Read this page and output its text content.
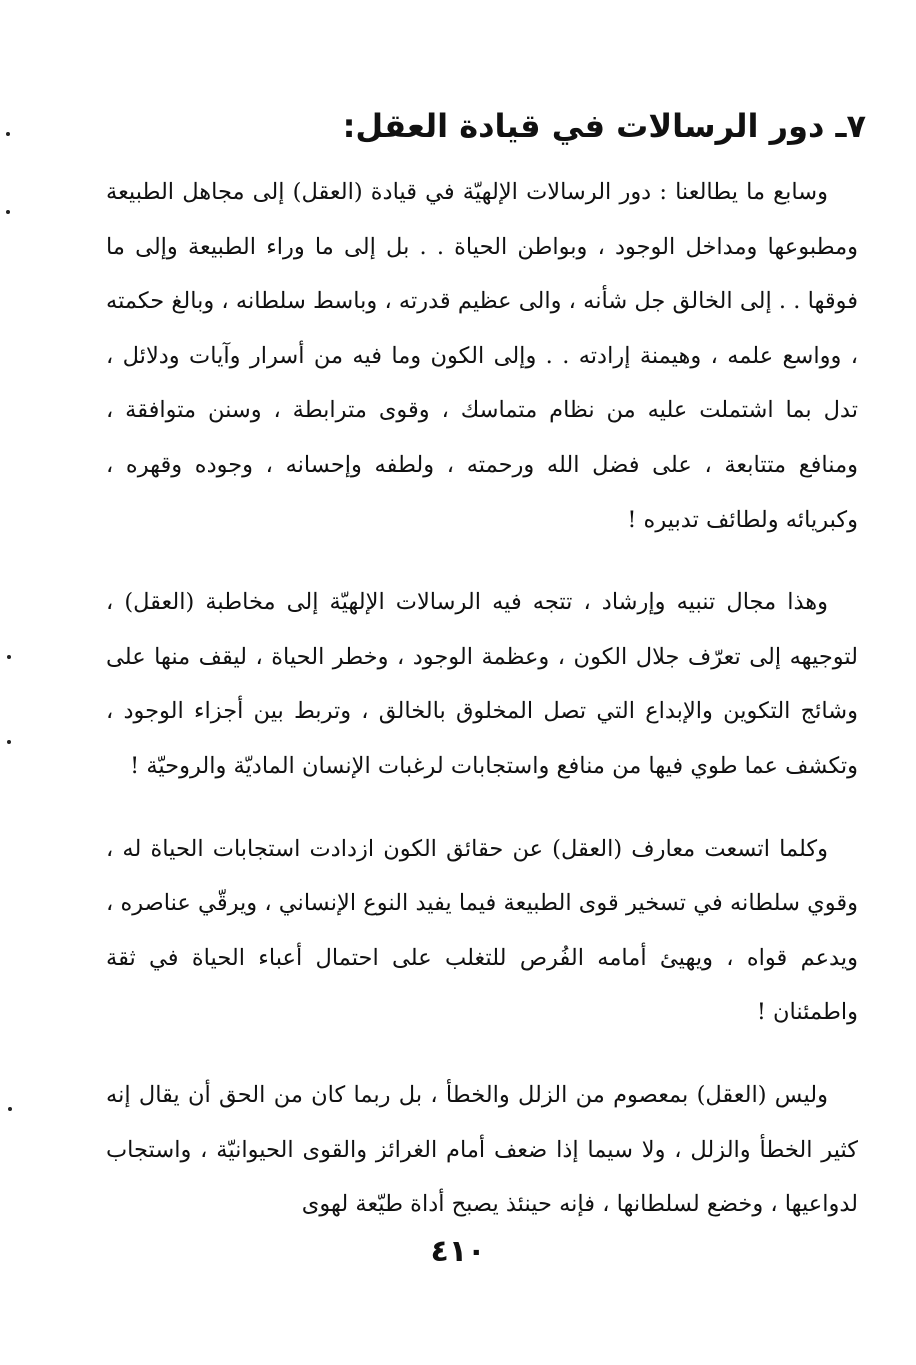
٧ـ دور الرسالات في قيادة العقل:

وسابع ما يطالعنا : دور الرسالات الإلهيّة في قيادة (العقل) إلى مجاهل الطبيعة ومطبوعها ومداخل الوجود ، وبواطن الحياة . . بل إلى ما وراء الطبيعة وإلى ما فوقها . . إلى الخالق جل شأنه ، والى عظيم قدرته ، وباسط سلطانه ، وبالغ حكمته ، وواسع علمه ، وهيمنة إرادته . . وإلى الكون وما فيه من أسرار وآيات ودلائل ، تدل بما اشتملت عليه من نظام متماسك ، وقوى مترابطة ، وسنن متوافقة ، ومنافع متتابعة ، على فضل الله ورحمته ، ولطفه وإحسانه ، وجوده وقهره ، وكبريائه ولطائف تدبيره !

وهذا مجال تنبيه وإرشاد ، تتجه فيه الرسالات الإلهيّة إلى مخاطبة (العقل) ، لتوجيهه إلى تعرّف جلال الكون ، وعظمة الوجود ، وخطر الحياة ، ليقف منها على وشائج التكوين والإبداع التي تصل المخلوق بالخالق ، وتربط بين أجزاء الوجود ، وتكشف عما طوي فيها من منافع واستجابات لرغبات الإنسان الماديّة والروحيّة !

وكلما اتسعت معارف (العقل) عن حقائق الكون ازدادت استجابات الحياة له ، وقوي سلطانه في تسخير قوى الطبيعة فيما يفيد النوع الإنساني ، ويرقّي عناصره ، ويدعم قواه ، ويهيئ أمامه الفُرص للتغلب على احتمال أعباء الحياة في ثقة واطمئنان !

وليس (العقل) بمعصوم من الزلل والخطأ ، بل ربما كان من الحق أن يقال إنه كثير الخطأ والزلل ، ولا سيما إذا ضعف أمام الغرائز والقوى الحيوانيّة ، واستجاب لدواعيها ، وخضع لسلطانها ، فإنه حينئذ يصبح أداة طيّعة لهوى

٤١٠
